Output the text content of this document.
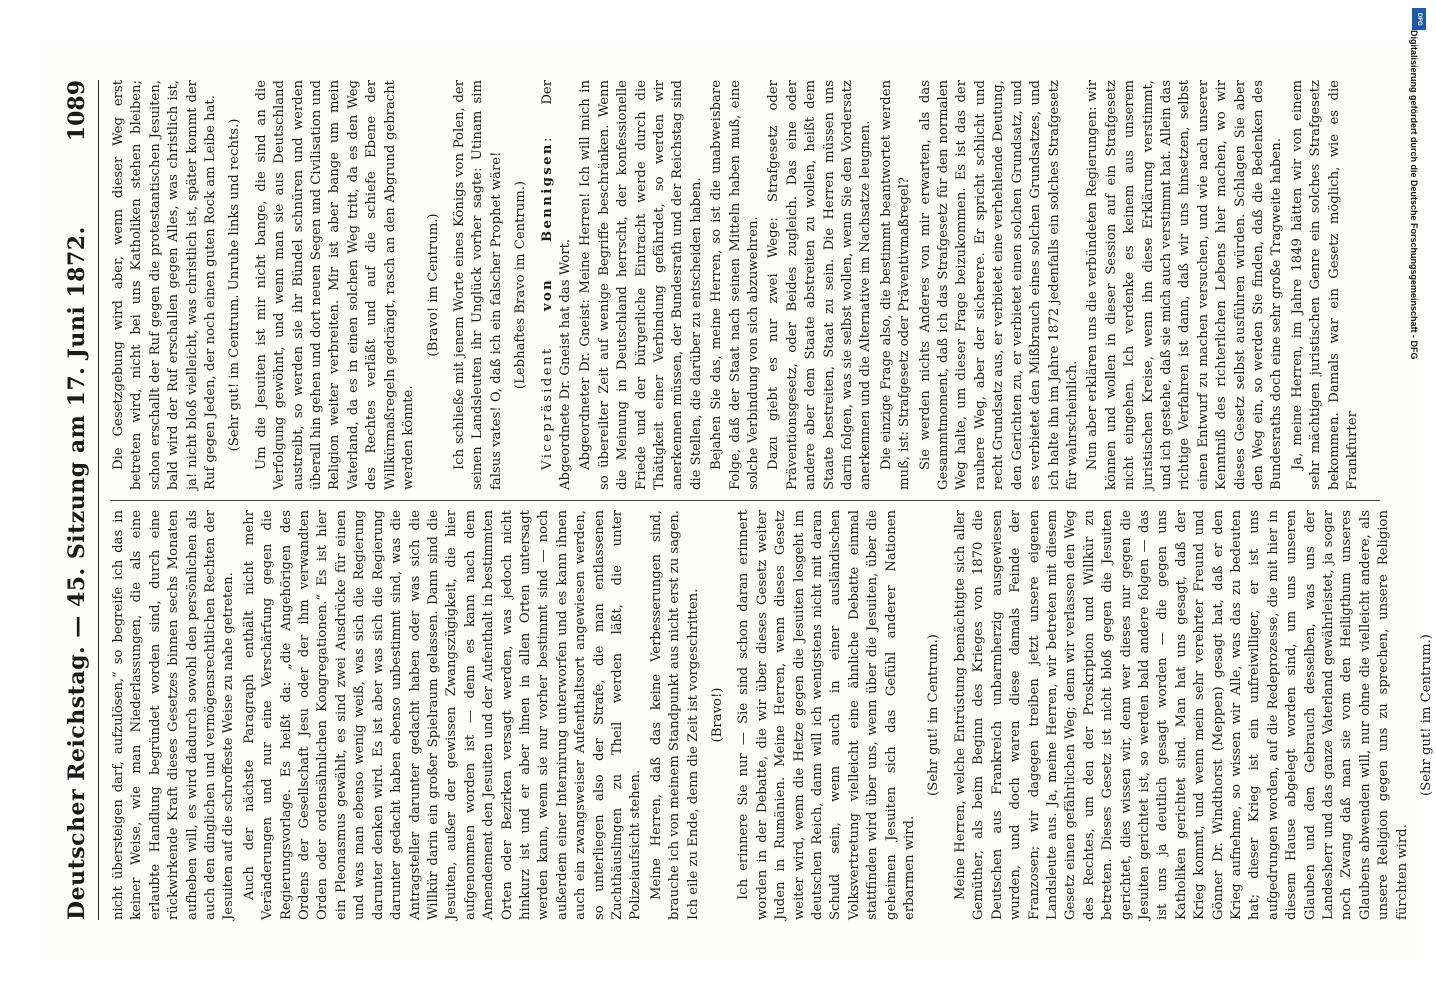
Deutscher Reichstag. — 45. Sitzung am 17. Juni 1872.
1089

nicht übersteigen darf, aufzulösen,“ so begreife ich das in keiner Weise, wie man Niederlassungen, die als eine erlaubte Handlung begründet worden sind, durch eine rückwirkende Kraft dieses Gesetzes binnen sechs Monaten aufheben will, es wird dadurch sowohl den persönlichen als auch den dinglichen und vermögensrechtlichen Rechten der Jesuiten auf die schroffeste Weise zu nahe getreten. Auch der nächste Paragraph enthält nicht mehr Veränderungen und nur eine Verschärfung gegen die Regierungsvorlage. Es heißt da: „die Angehörigen des Ordens der Gesellschaft Jesu oder der ihm verwandten Orden oder ordensähnlichen Kongregationen.“ Es ist hier ein Pleonasmus gewählt, es sind zwei Ausdrücke für einen und was man ebenso wenig weiß, was sich die Regierung darunter denken wird. Es ist aber was sich die Regierung darunter gedacht haben ebenso unbestimmt sind, was die Antragsteller darunter gedacht haben oder was sich die Willkür darin ein großer Spielraum gelassen. Dann sind die Jesuiten, außer der gewissen Zwangszügigkeit, die hier aufgenommen worden ist — denn es kann nach dem Amendement den Jesuiten und der Aufenthalt in bestimmten Orten oder Bezirken versagt werden, was jedoch nicht hinkurz ist und er aber ihnen in allen Orten untersagt werden kann, wenn sie nur vorher bestimmt sind — noch außerdem einer Internirung unterworfen und es kann ihnen auch ein zwangsweiser Aufenthaltsort angewiesen werden, so unterliegen also der Strafe, die man entlassenen Zuchthäuslingen zu Theil werden läßt, die unter Polizeiaufsicht stehen. Meine Herren, daß das keine Verbesserungen sind, brauche ich von meinem Standpunkt aus nicht erst zu sagen. Ich eile zu Ende, denn die Zeit ist vorgeschritten. (Bravo!) Ich erinnere Sie nur — Sie sind schon daran erinnert worden in der Debatte, die wir über dieses Gesetz weiter Juden in Rumänien. Meine Herren, wenn dieses Gesetz weiter wird, wenn die Hetze gegen die Jesuiten losgeht im deutschen Reich, dann will ich wenigstens nicht mit daran Schuld sein, wenn auch in einer ausländischen Volksvertretung vielleicht eine ähnliche Debatte einmal stattfinden wird über uns, wenn über die Jesuiten, über die geheimen Jesuiten sich das Gefühl anderer Nationen erbarmen wird.

(Sehr gut! im Centrum.) Meine Herren, welche Entrüstung bemächtigte sich aller Gemüther, als beim Beginn des Krieges von 1870 die Deutschen aus Frankreich unbarmherzig ausgewiesen wurden, und doch waren diese damals Feinde der Franzosen; wir dagegen treiben jetzt unsere eigenen Landsleute aus. Ja, meine Herren, wir betreten mit diesem Gesetz einen gefährlichen Weg; denn wir verlassen den Weg des Rechtes, um den der Proskription und Willkür zu betreten. Dieses Gesetz ist nicht bloß gegen die Jesuiten gerichtet, dies wissen wir, denn wer dieses nur gegen die Jesuiten gerichtet ist, so werden bald andere folgen — das ist uns ja deutlich gesagt worden — die gegen uns Katholiken gerichtet sind. Man hat uns gesagt, daß der Krieg kommt, und wenn mein sehr verehrter Freund und Gönner Dr. Windthorst (Meppen) gesagt hat, daß er den Krieg aufnehme, so wissen wir Alle, was das zu bedeuten hat; dieser Krieg ist ein unfreiwilliger, er ist uns aufgedrungen worden, auf die Redeprozesse, die mit hier in diesem Hause abgelegt worden sind, um uns unseren Glauben und den Gebrauch desselben, was uns der Landesherr und das ganze Vaterland gewährleistet, ja sogar noch Zwang daß man sie vom den Heiligthum unseres Glaubens abwenden will, nur ohne die vielleicht andere, als unsere Religion gegen uns zu sprechen, unsere Religion fürchten wird.

(Sehr gut! im Centrum.)

Die Gesetzgebung wird aber, wenn dieser Weg erst betreten wird, nicht bei uns Katholiken stehen bleiben; schon erschallt der Ruf gegen die protestantischen Jesuiten, bald wird der Ruf erschallen gegen Alles, was christlich ist, ja! nicht bloß vielleicht, was christlich ist, später kommt der Ruf gegen Jeden, der noch einen guten Rock am Leibe hat. (Sehr gut! im Centrum. Unruhe links und rechts.) Um die Jesuiten ist mir nicht bange, die sind an die Verfolgung gewöhnt, und wenn man sie aus Deutschland austreibt, so werden sie ihr Bündel schnüren und werden überall hin gehen und dort neuen Segen und Civilisation und Religion weiter verbreiten. Mir ist aber bange um mein Vaterland, da es in einen solchen Weg tritt, da es den Weg des Rechtes verläßt und auf die schiefe Ebene der Willkürmaßregeln gedrängt, rasch an den Abgrund gebracht werden könnte.

(Bravo! im Centrum.) Ich schließe mit jenem Worte eines Königs von Polen, der seinen Landsleuten ihr Unglück vorher sagte: Utinam sim falsus vates! O, daß ich ein falscher Prophet wäre! (Lebhaftes Bravo im Centrum.)

Vicepräsident von Bennigsen: Der Abgeordnete Dr. Gneist hat das Wort. Abgeordneter Dr. Gneist: Meine Herren! Ich will mich in so übereilter Zeit auf wenige Begriffe beschränken. Wenn die Meinung in Deutschland herrscht, der konfessionelle Friede und der bürgerliche Eintracht werde durch die Thätigkeit einer Verbindung gefährdet, so werden wir anerkennen müssen, der Bundesrath und der Reichstag sind die Stellen, die darüber zu entscheiden haben. Bejahen Sie das, meine Herren, so ist die unabweisbare Folge, daß der Staat nach seinen Mitteln haben muß, eine solche Verbindung von sich abzuwehren. Dazu giebt es nur zwei Wege: Strafgesetz oder Präventionsgesetz, oder Beides zugleich. Das eine oder andere aber dem Staate abstreiten zu wollen, heißt dem Staate bestreiten, Staat zu sein. Die Herren müssen uns darin folgen, was sie selbst wollen, wenn Sie den Vordersatz anerkennen und die Alternative im Nachsatze leugnen. Die einzige Frage also, die bestimmt beantwortet werden muß, ist: Strafgesetz oder Präventivmaßregel? Sie werden nichts Anderes von mir erwarten, als das Gesammtmoment, daß ich das Strafgesetz für den normalen Weg halte, um dieser Frage beizukommen. Es ist das der rauhere Weg, aber der sicherere. Er spricht schlicht und recht Grundsatz aus, er verbietet eine verhehlende Deutung, den Gerichten zu, er verbietet einen solchen Grundsatz, und es verbietet den Mißbrauch eines solchen Grundsatzes, und ich halte ihn im Jahre 1872 jedenfalls ein solches Strafgesetz für wahrscheinlich. Nun aber erklären uns die verbündeten Regierungen: wir können und wollen in dieser Session auf ein Strafgesetz nicht eingehen. Ich verdenke es keinem aus unserem juristischen Kreise, wenn ihn diese Erklärung verstimmt, und ich gestehe, daß sie mich auch verstimmt hat. Allein das richtige Verfahren ist dann, daß wir uns hinsetzen, selbst einen Entwurf zu machen versuchen, und wie nach unserer Kenntniß des richterlichen Lebens hier machen, wo wir dieses Gesetz selbst ausführen würden. Schlagen Sie aber den Weg ein, so werden Sie finden, daß die Bedenken des Bundesraths doch eine sehr große Tragweite haben. Ja, meine Herren, im Jahre 1849 hätten wir von einem sehr mächtigen juristischen Genre ein solches Strafgesetz bekommen. Damals war ein Gesetz möglich, wie es die Frankfurter

Digitalisierung gefördert durch die Deutsche Forschungsgemeinschaft - DFG
DFG
